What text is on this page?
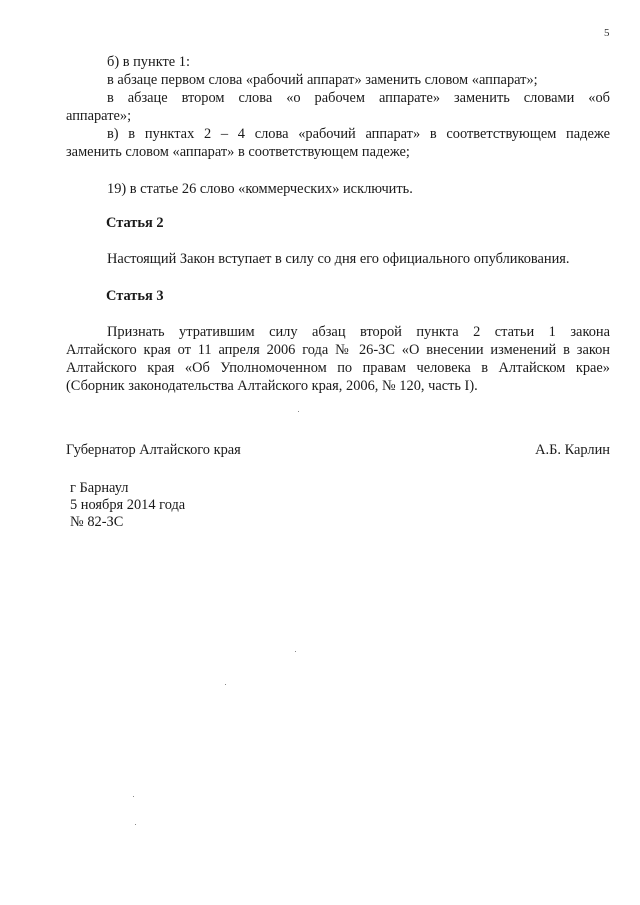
5
б) в пункте 1:
в абзаце первом слова «рабочий аппарат» заменить словом «аппарат»;
в абзаце втором слова «о рабочем аппарате» заменить словами «об
аппарате»;
в) в пунктах 2 – 4 слова «рабочий аппарат» в соответствующем падеже
заменить словом «аппарат» в соответствующем падеже;
19) в статье 26 слово «коммерческих» исключить.
Статья 2
Настоящий Закон вступает в силу со дня его официального опубликования.
Статья 3
Признать утратившим силу абзац второй пункта 2 статьи 1 закона
Алтайского края от 11 апреля 2006 года № 26-ЗС «О внесении изменений в закон
Алтайского края «Об Уполномоченном по правам человека в Алтайском крае»
(Сборник законодательства Алтайского края, 2006, № 120, часть I).
Губернатор Алтайского края	А.Б. Карлин
г Барнаул
5 ноября 2014 года
№ 82-ЗС
